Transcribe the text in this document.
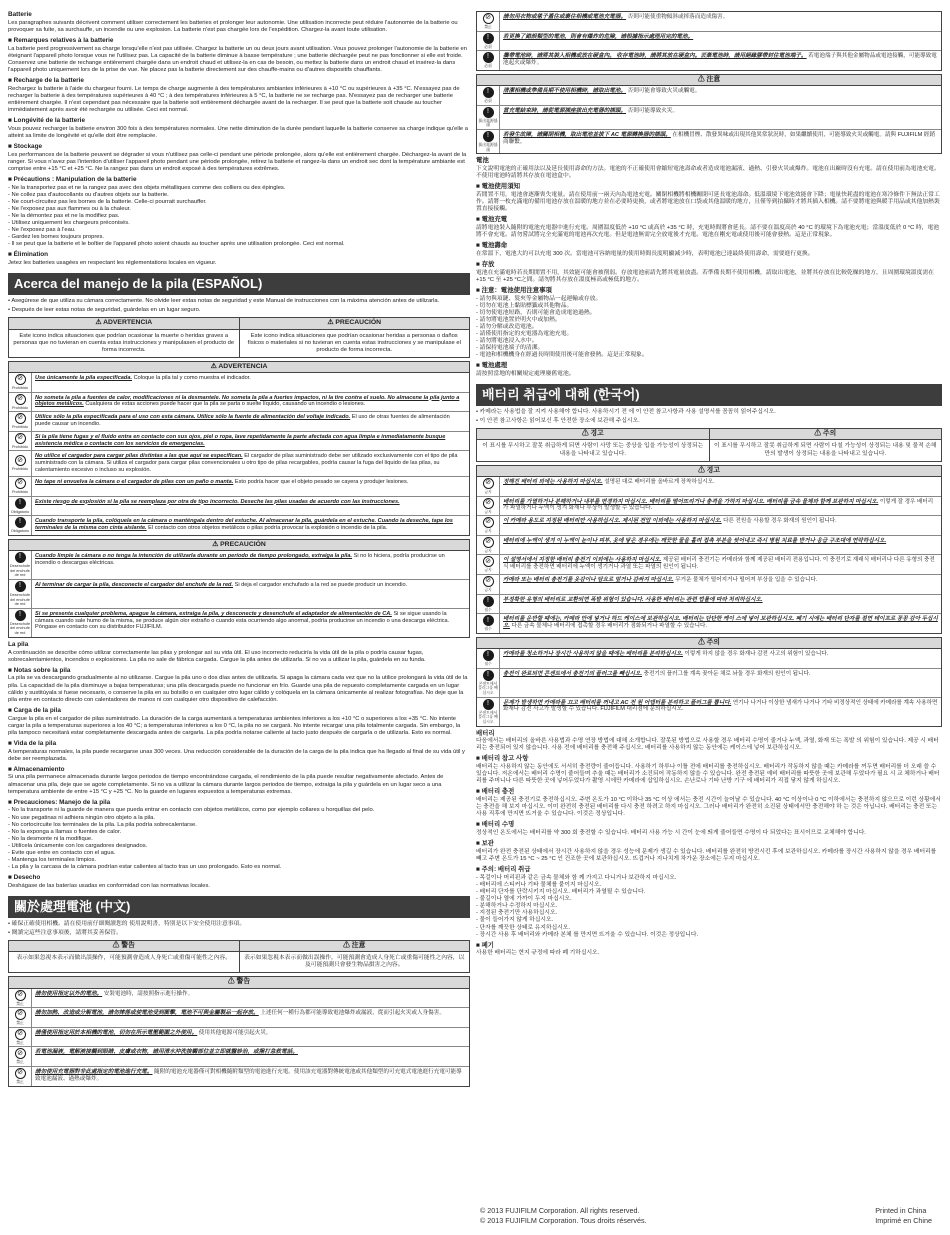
Batterie

Les paragraphes suivants décrivent comment utiliser correctement les batteries et prolonger leur autonomie. Une utilisation incorrecte peut réduire l'autonomie de la batterie ou provoquer sa fuite, sa surchauffe, un incendie ou une explosion. La batterie n'est pas chargée lors de l'expédition. Chargez-la avant toute utilisation.

■ Remarques relatives à la batterie

La batterie perd progressivement sa charge lorsqu'elle n'est pas utilisée. Chargez la batterie un ou deux jours avant utilisation. Vous pouvez prolonger l'autonomie de la batterie en éteignant l'appareil photo lorsque vous ne l'utilisez pas. La capacité de la batterie diminue à basse température ; une batterie déchargée peut ne pas fonctionner si elle est froide. Conservez une batterie de rechange entièrement chargée dans un endroit chaud et utilisez-la en cas de besoin, ou mettez la batterie dans un endroit chaud et insérez-la dans l'appareil photo uniquement lors de la prise de vue. Ne placez pas la batterie directement sur des chauffe-mains ou d'autres dispositifs chauffants.

■ Recharge de la batterie

Rechargez la batterie à l'aide du chargeur fourni. Le temps de charge augmente à des températures ambiantes inférieures à +10 °C ou supérieures à +35 °C. N'essayez pas de recharger la batterie à des températures supérieures à 40 °C ; à des températures inférieures à 5 °C, la batterie ne se recharge pas. N'essayez pas de recharger une batterie entièrement chargée. Il n'est cependant pas nécessaire que la batterie soit entièrement déchargée avant de la recharger. Il se peut que la batterie soit chaude au toucher immédiatement après avoir été rechargée ou utilisée. Ceci est normal.

■ Longévité de la batterie

Vous pouvez recharger la batterie environ 300 fois à des températures normales. Une nette diminution de la durée pendant laquelle la batterie conserve sa charge indique qu'elle a atteint sa limite de longévité et qu'elle doit être remplacée.

■ Stockage

Les performances de la batterie peuvent se dégrader si vous n'utilisez pas celle-ci pendant une période prolongée, alors qu'elle est entièrement chargée. Déchargez-la avant de la ranger. Si vous n'avez pas l'intention d'utiliser l'appareil photo pendant une période prolongée, retirez la batterie et rangez-la dans un endroit sec dont la température ambiante est comprise entre +15 °C et +25 °C. Ne la rangez pas dans un endroit exposé à des températures extrêmes.

■ Précautions : Manipulation de la batterie
- Ne la transportez pas et ne la rangez pas avec des objets métalliques comme des colliers ou des épingles.
- Ne collez pas d'autocollants ou d'autres objets sur la batterie.
- Ne court-circuitez pas les bornes de la batterie. Celle-ci pourrait surchauffer.
- Ne l'exposez pas aux flammes ou à la chaleur.
- Ne la démontez pas et ne la modifiez pas.
- Utilisez uniquement les chargeurs préconisés.
- Ne l'exposez pas à l'eau.
- Gardez les bornes toujours propres.
- Il se peut que la batterie et le boîtier de l'appareil photo soient chauds au toucher après une utilisation prolongée. Ceci est normal.
■ Élimination

Jetez les batteries usagées en respectant les réglementations locales en vigueur.

Acerca del manejo de la pila (ESPAÑOL)

• Asegúrese de que utiliza su cámara correctamente. No olvide leer estas notas de seguridad y este Manual de instrucciones con la máxima atención antes de utilizarla.

• Después de leer estas notas de seguridad, guárdelas en un lugar seguro.

⚠ ADVERTENCIA
Este icono indica situaciones que podrían ocasionar la muerte o heridas graves a personas que no tuvieran en cuenta estas instrucciones y manipulasen el producto de forma incorrecta.
⚠ PRECAUCIÓN
Este icono indica situaciones que podrían ocasionar heridas a personas o daños físicos o materiales si no tuvieran en cuenta estas instrucciones y se manipulase el producto de forma incorrecta.
⚠ ADVERTENCIA
⊘
Prohibido
Use únicamente la pila especificada. Coloque la pila tal y como muestra el indicador.
⊘
Prohibido
No someta la pila a fuentes de calor, modificaciones ni la desmantele. No someta la pila a fuertes impactos, ni la tire contra el suelo. No almacene la pila junto a objetos metálicos. Cualquiera de estas acciones puede hacer que la pila se parta o suelte líquido, causando un incendio o lesiones.
⊘
Prohibido
Utilice sólo la pila especificada para el uso con esta cámara. Utilice sólo la fuente de alimentación del voltaje indicado. El uso de otras fuentes de alimentación puede causar un incendio.
⊘
Prohibido
Si la pila tiene fugas y el fluido entra en contacto con sus ojos, piel o ropa, lave repetidamente la parte afectada con agua limpia e inmediatamente busque asistencia médica o contacte con los servicios de emergencias.
⊘
Prohibido
No utilice el cargador para cargar pilas distintas a las que aquí se especifican. El cargador de pilas suministrado debe ser utilizado exclusivamente con el tipo de pila suministrado con la cámara. Si utiliza el cargador para cargar pilas convencionales u otro tipo de pilas recargables, podría causar la fuga del líquido de las pilas, su calentamiento excesivo o incluso su explosión.
⊘
Prohibido
No tape ni envuelva la cámara o el cargador de pilas con un paño o manta. Esto podría hacer que el objeto pesado se cayera y produjer lesiones.
!
Obligatorio
Existe riesgo de explosión si la pila se reemplaza por otra de tipo incorrecto. Deseche las pilas usadas de acuerdo con las instrucciones.
!
Obligatorio
Cuando transporte la pila, colóquela en la cámara o manténgala dentro del estuche. Al almacenar la pila, guárdela en el estuche. Cuando la deseche, tape los terminales de la misma con cinta aislante. El contacto con otros objetos metálicos o pilas podría provocar la explosión o incendio de la pila.
⚠ PRECAUCIÓN
!
Desenchufe del enchufe de red
Cuando limpie la cámara o no tenga la intención de utilizarla durante un período de tiempo prolongado, extraiga la pila. Si no lo hiciera, podría producirse un incendio o descargas eléctricas.
!
Desenchufe del enchufe de red
Al terminar de cargar la pila, desconecte el cargador del enchufe de la red. Si deja el cargador enchufado a la red se puede producir un incendio.
!
Desenchufe del enchufe de red
Si se presenta cualquier problema, apague la cámara, extraiga la pila, y desconecte y desenchufe el adaptador de alimentación de CA. Si se sigue usando la cámara cuando sale humo de la misma, se produce algún olor extraño o cuando esta ocurriendo algo anormal, podría producirse un incendio o una descarga eléctrica. Póngase en contacto con su distribuidor FUJIFILM.
La pila

A continuación se describe cómo utilizar correctamente las pilas y prolongar así su vida útil. El uso incorrecto reduciría la vida útil de la pila o podría causar fugas, sobrecalentamientos, incendios o explosiones. La pila no sale de fábrica cargada. Cargue la pila antes de utilizarla. Si no va a utilizar la pila, guárdela en su funda.

■ Notas sobre la pila

La pila se va descargando gradualmente al no utilizarse. Cargue la pila uno o dos días antes de utilizarla. Si apaga la cámara cada vez que no la utilice prolongará la vida útil de la pila. La capacidad de la pila disminuye a bajas temperaturas; una pila descargada puede no funcionar en frío. Guarde una pila de repuesto completamente cargada en un lugar cálido y sustitúyala si fuese necesario, o conserve la pila en su bolsillo o en cualquier otro lugar cálido y colóquela en la cámara únicamente al realizar fotografías. No deje que la pila entre en contacto directo con calentadores de manos ni con cualquier otro dispositivo de calefacción.

■ Carga de la pila

Cargue la pila en el cargador de pilas suministrado. La duración de la carga aumentará a temperaturas ambientes inferiores a los +10 °C o superiores a los +35 °C. No intente cargar la pila a temperaturas superiores a los 40 °C; a temperaturas inferiores a los 0 °C, la pila no se cargará. No intente recargar una pila totalmente cargada. Sin embargo, la pila tampoco necesitará estar completamente descargada antes de cargarla. La pila podría notarse caliente al tacto justo después de cargarla o de utilizarla. Esto es normal.

■ Vida de la pila

A temperaturas normales, la pila puede recargarse unas 300 veces. Una reducción considerable de la duración de la carga de la pila indica que ha llegado al final de su vida útil y debe ser reemplazada.

■ Almacenamiento

Si una pila permanece almacenada durante largos periodos de tiempo encontrándose cargada, el rendimiento de la pila puede resultar negativamente afectado. Antes de almacenar una pila, deje que se agote completamente. Si no va a utilizar la cámara durante largos periodos de tiempo, extraiga la pila y guárdela en un lugar seco a una temperatura ambiente de entre +15 °C y +25 °C. No la guarde en lugares expuestos a temperaturas extremas.

■ Precauciones: Manejo de la pila
- No la transporte ni la guarde de manera que pueda entrar en contacto con objetos metálicos, como por ejemplo collares u horquillas del pelo.
- No use pegatinas ni adhiera ningún otro objeto a la pila.
- No cortocircuite los terminales de la pila. La pila podría sobrecalentarse.
- No la exponga a llamas o fuentes de calor.
- No la desmonte ni la modifique.
- Utilícela únicamente con los cargadores designados.
- Evite que entre en contacto con el agua.
- Mantenga los terminales limpios.
- La pila y la carcasa de la cámara podrían estar calientes al tacto tras un uso prolongado. Esto es normal.
■ Desecho

Deshágase de las baterías usadas en conformidad con las normativas locales.

關於處理電池 (中文)

• 確保正確使用相機。請在使用前仔細閱讀您的 使用說明書，特別是以下安全使用注意事項。

• 閱讀完這些注意事項後，請將其妥善保管。

⚠ 警告
表示如果忽視本表示而做出誤操作，可能預測會造成人身死亡或重傷可能性之內容。
⚠ 注意
表示如果忽視本表示而做出誤操作，可能預測會造成人身死亡或重傷可能性之內容，以及可能預測只會發生物品損害之內容。
⚠ 警告
⊘
禁止
請勿使用指定以外的電池。 安裝電池時，請按照指示進行操作。
⊘
禁止
請勿加熱、改造或分解電池，請勿摔落或使電池受到衝擊，電池不可與金屬製品一起存放。 上述任何一種行為都可能導致電池爆炸或漏液，從而引起火災或人身傷害。
⊘
禁止
請僅使用指定用於本相機的電池，切勿在所示電壓範圍之外使用。 使用其他電源可能引起火災。
⊘
禁止
若電池漏液，電解液接觸到眼睛、皮膚或衣物，請用清水沖洗接觸部位並立即就醫診治，或撥打急救電話。
⊘
禁止
請勿使用充電器對非此處指定的電池進行充電。 隨附的電池充電器僅可對相機隨附類型的電池進行充電。使用該充電器對傳統電池或其他類型的可充電式電池進行充電可能導致電池漏液、過熱或爆炸。
⊘
禁止
請勿用衣物或毯子蓋住或裹住相機或電池充電器。 否則可能使重物傾斜或摔落而造成傷害。
!
必須
若更換了錯誤類型的電池，則會有爆炸的危險，請根據指示處理用完的電池。
!
必須
攜帶電池時，請將其裝入相機或放在硬盒內。 收存電池時，請將其放在硬盒內。丟棄電池時，請用絕緣膠帶封住電池端子。 若電池端子與其他金屬物品或電池接觸，可能導致電池起火或爆炸。
⚠ 注意
!
必須
清潔相機或準備長期不使用相機時，請取出電池。 否則可能會導致火災或觸電。
!
拔出電源插頭
當充電結束時，請從電源插座拔出充電器的插頭。 否則可能導致火災。
!
拔出電源插頭
若發生故障，請關閉相機，取出電池並拔下 AC 電源轉換器的插頭。 在相機冒煙、散發異味或出現其他異常狀況時，如果繼續使用，可能導致火災或觸電。請與 FUJIFILM 經銷商聯繫。
電池

下文說明電池的正確用法以及延長使用壽命的方法。電池的不正確使用會縮短電池壽命或者造成電池漏液、過熱、引發火災或爆炸。電池在出廠時沒有充電。請在使用前為電池充電。不使用電池時請將其存放在電池盒中。

■ 電池使用須知

若閒置不用，電池會逐漸喪失電量。請在使用前一兩天內為電池充電。關閉相機將相機關閉可延長電池壽命。低溫環境下電池效能會下降；電量快耗盡的電池在寒冷條件下無法正常工作。請將一枚充滿電的備用電池存放在溫暖的地方並在必要時更換，或者將電池放在口袋或其他溫暖的地方，且僅等到拍攝時才將其插入相機。請不要將電池與暖手用品或其他加熱裝置直接接觸。

■ 電池充電

請將電池裝入隨附的電池充電器中進行充電。周圍溫度低於 +10 °C 或高於 +35 °C 時，充電時間將會延長。請不要在溫度高於 40 °C 的環境下為電池充電；當溫度低於 0 °C 時，電池將不會充電。請勿嘗試將完全充滿電的電池再次充電。但是電池無需完全放電後才充電。電池在剛充電或使用後可能會發熱。這是正常現象。

■ 電池壽命

在常溫下，電池大約可以充電 300 次。當電池可容納電量的使用時間長度明顯減少時，表明電池已達最終使用壽命，需要進行更換。

■ 存放

電池在充滿電時若長期閒置不用，其效能可能會被削弱。存放電池前請先將其電量放盡。若準備長期不使用相機，請取出電池，並將其存放在比較乾燥的地方，且周圍環境溫度需在 +15 °C 至 +25 °C之間。請勿將其存放在溫度極高或極低的地方。

■ 注意：電池使用注意事項
- 請勿與項鏈、髮夾等金屬物品一起運輸或存放。
- 切勿在電池上黏貼標籤或其他物品。
- 切勿使電池短路，否則可能會造成電池過熱。
- 請勿將電池置於明火中或加熱。
- 請勿分解或改造電池。
- 請僅使用指定的充電器為電池充電。
- 請勿將電池浸入水中。
- 請保持電池端子的清潔。
- 電池和相機機身在經過長時間使用後可能會發熱。這是正常現象。
■ 電池處理

請按照當地的相關規定處理廢舊電池。

배터리 취급에 대해 (한국어)

• 카메라는 사용법을 잘 지켜 사용해야 합니다. 사용하시기 전 에 이 안전 참고사항과 사용 설명서를 꼼꼼히 읽어주십시오.

• 이 안전 참고사항은 읽어보신 후 안전한 장소에 보관해 주십시오.

⚠ 경고
이 표시를 무시하고 잘못 취급하게 되면 사람이 사망 또는 중상을 입을 가능성이 상정되는 내용을 나타내고 있습니다.
⚠ 주의
이 표시를 무시하고 잘못 취급하게 되면 사람이 다칠 가능성이 상정되는 내용 및 물적 손해 만의 발생이 상정되는 내용을 나타내고 있습니다.
⚠ 경고
⊘
금지
정해진 배터리 외에는 사용하지 마십시오. 설명된 대로 배터리를 올바르게 장착하십시오.
⊘
금지
배터리를 가열하거나 분해하거나 내부를 변경하지 마십시오. 배터리를 떨어뜨리거나 충격을 가하지 마십시오. 배터리를 금속 물체와 함께 보관하지 마십시오. 이렇게 잘 경우 배터리가 파열하거나 누액이 생겨 화재나 부상이 발생할 수 있습니다.
⊘
금지
이 카메라 용도로 지정된 배터리만 사용하십시오. 제시된 전압 이외에는 사용하지 마십시오. 다른 전원을 사용할 경우 화재의 원인이 됩니다.
⊘
금지
배터리에 누액이 생겨 이 누액이 눈이나 피부, 옷에 닿은 경우에는 깨끗한 물을 흘려 접촉 부분을 씻어내고 즉시 병원 치료를 받거나 응급 구조대에 연락하십시오.
⊘
금지
이 설명서에서 지정한 배터리 충전기 이외에는 사용하지 마십시오. 제공된 배터리 충전기는 카메라와 함께 제공된 배터리 전용입니다. 이 충전기로 재래식 배터리나 다른 유형의 충전식 배터리를 충전하면 배터리에 누액이 생기거나 과열 또는 파열의 원인이 됩니다.
⊘
금지
카메라 또는 배터리 충전기를 옷감이나 담요로 덮거나 감싸지 마십시오. 무거운 물체가 떨어지거나 떨어져 부상을 입을 수 있습니다.
!
필수
부정확한 유형의 배터리로 교환되면 폭발 위험이 있습니다. 사용한 배터리는 관련 법률에 따라 처리하십시오.
!
필수
배터리를 운반할 때에는, 카메라 안에 넣거나 하드 케이스에 보관하십시오. 배터리는 단단한 케이 스에 넣어 보관하십시오. 폐기 시에는 배터리 단자를 절연 테이프로 꽁꽁 감아 두십시오. 다른 금속 물체나 배터리에 접촉할 경우 배터리가 점화되거나 파열할 수 있습니다.
⚠ 주의
!
필수
카메라를 청소하거나 장시간 사용하지 않을 때에는 배터리를 분리하십시오. 이렇게 하지 않을 경우 화재나 감전 사고의 위험이 있습니다.
!
콘센트에서 플러그를 빼십시오
충전이 완료되면 콘센트에서 충전기의 플러그를 빼십시오. 충전기의 플러그를 계속 꽂아둔 채로 놔둘 경우 화재의 원인이 됩니다.
!
콘센트에서 플러그를 빼십시오
문제가 발생하면 카메라를 끄고 배터리를 꺼내고 AC 전 원 어댑터를 분리하고 플러그를 뽑니다. 연기나 나거나 이상한 냄새가 나거나 기타 비정상적인 상태에 카메라를 계속 사용하면 화재나 감전 사고가 발생할 수 있습니다. FUJIFILM 대리점에 문의하십시오.
배터리

다음에서는 배터리의 올바른 사용법과 수명 연장 방법에 대해 소개합니다. 잘못된 방법으로 사용할 경우 배터리 수명이 줄거나 누액, 과열, 화재 또는 폭발 의 위험이 있습니다. 제공 시 배터리는 충전되어 있지 않습니다. 사용 전에 배터리를 충전해 주십시오. 배터리를 사용하지 않는 동안에는 케이스에 넣어 보관하십시오.

■ 배터리 참고 사항

배터리는 사용하지 않는 동안에도 서서히 충전량이 줄어듭니다. 사용하기 하루나 이틀 전에 배터리를 충전하십시오. 배터리가 작동하지 않을 때는 카메라를 꺼두면 배터리를 더 오래 쓸 수 있습니다. 저온에서는 배터리 수명이 줄어들며 추울 때는 배터리가 소진되어 작동하지 않을 수 있습니다. 완전 충전된 예비 배터리를 따뜻한 곳에 보관해 두었다가 필요 시 교 체하거나 배터리를 주머니나 다른 따뜻한 곳에 넣어두었다가 촬영 시에만 카메라에 삽입하십시오. 손난로나 기타 난방 기구 에 배터리가 직접 닿지 않게 하십시오.

■ 배터리 충전

배터리는 제공된 충전기로 충전하십시오. 주변 온도가 10 °C 이하나 35 °C 이상 에서는 충전 시간이 늘어날 수 있습니다. 40 °C 이상이나 0 °C 이하에서는 충전하지 않으므로 이런 상황에서는 충전을 해 보지 마십시오. 이미 완전히 충전된 배터리를 다시 충전 하려고 하지 마십시오. 그러나 배터리가 완전히 소진된 상태에서만 충전해야 하 는 것은 아닙니다. 배터리는 충전 또는 사용 직후에 만지면 뜨거울 수 있습니다. 이것은 정상입니다.

■ 배터리 수명

정상적인 온도에서는 배터리를 약 300 회 충전할 수 있습니다. 배터리 사용 가능 시 간이 눈에 띄게 줄어들면 수명이 다 되었다는 표시이므로 교체해야 합니다.

■ 보관

배터리가 완전 충전된 상태에서 장시간 사용하지 않을 경우 성능에 문제가 생길 수 있습니다. 배터리를 완전히 방전시킨 후에 보관하십시오. 카메라를 장시간 사용하지 않을 경우 배터리를 빼고 주변 온도가 15 °C ~ 25 °C 인 건조한 곳에 보관하십시오. 뜨겁거나 지나치게 차가운 장소에는 두지 마십시오.

■ 주의: 배터리 취급
- 목걸이나 머리핀과 같은 금속 물체와 함 께 가지고 다니거나 보관하지 마십시오.
- 배터리에 스티커나 기타 물체를 붙이지 마십시오.
- 배터리 단자를 단락시키지 마십시오. 배터리가 과열될 수 있습니다.
- 불길이나 열에 가까이 두지 마십시오.
- 분해하거나 수정하지 마십시오.
- 지정된 충전기만 사용하십시오.
- 물이 들어가지 않게 하십시오.
- 단자를 깨끗한 상태로 유지하십시오.
- 장시간 사용 후 배터리와 카메라 본체 를 만지면 뜨거울 수 있습니다. 이것은 정상입니다.
■ 폐기

사용한 배터리는 현지 규정에 따라 폐 기하십시오.

© 2013 FUJIFILM Corporation. All rights reserved.
© 2013 FUJIFILM Corporation. Tous droits réservés.
Printed in China
Imprimé en Chine
